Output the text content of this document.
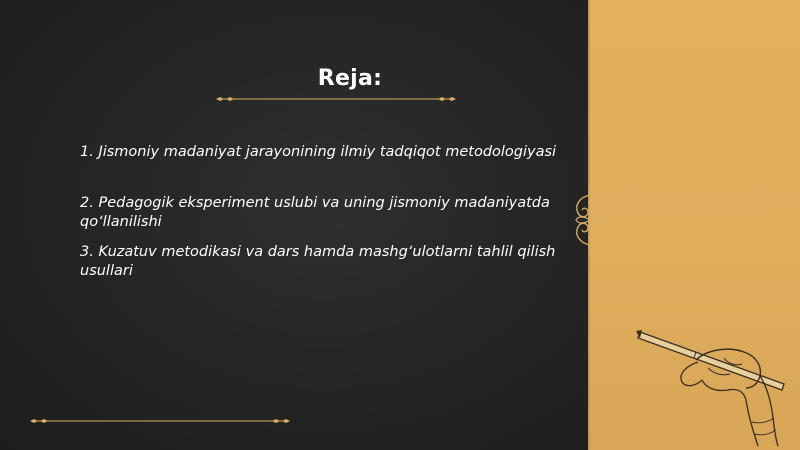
Reja:
1. Jismoniy madaniyat jarayonining ilmiy tadqiqot metodologiyasi
2. Pedagogik eksperiment uslubi va uning jismoniy madaniyatda qo‘llanilishi
3. Kuzatuv metodikasi va dars hamda mashg‘ulotlarni tahlil qilish usullari
